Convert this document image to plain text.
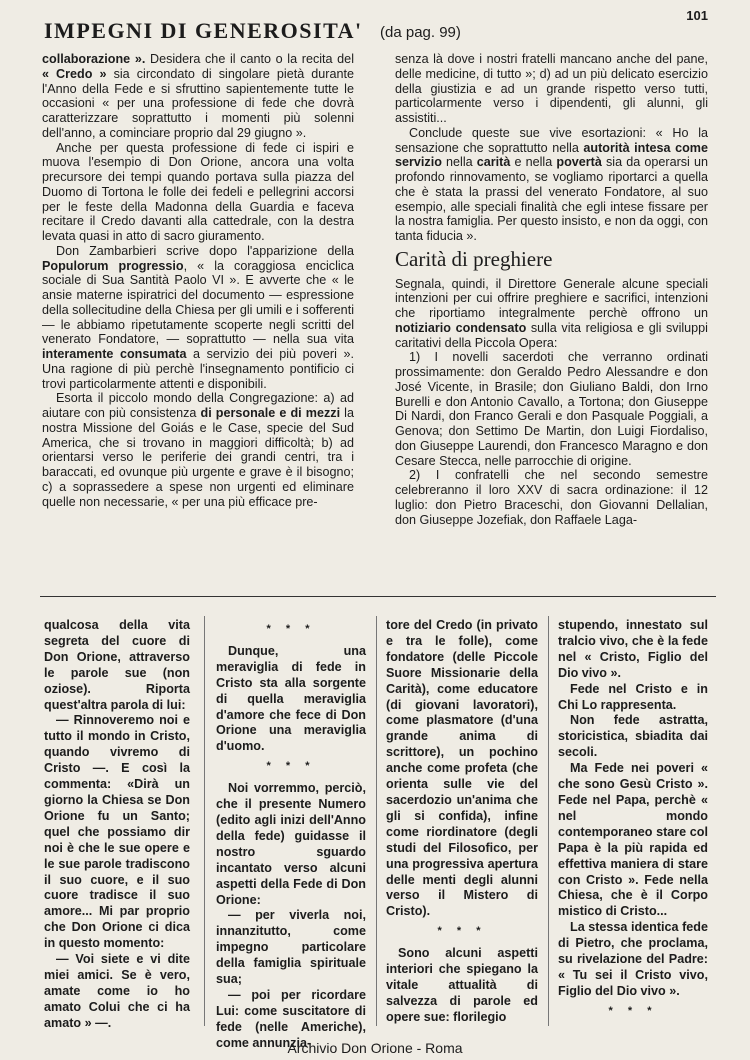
IMPEGNI DI GENEROSITA' (da pag. 99)
101

collaborazione ». Desidera che il canto o la recita del « Credo » sia circondato di singolare pietà durante l'Anno della Fede e si sfruttino sapientemente tutte le occasioni « per una professione di fede che dovrà caratterizzare soprattutto i momenti più solenni dell'anno, a cominciare proprio dal 29 giugno ».

Anche per questa professione di fede ci ispiri e muova l'esempio di Don Orione, ancora una volta precursore dei tempi quando portava sulla piazza del Duomo di Tortona le folle dei fedeli e pellegrini accorsi per le feste della Madonna della Guardia e faceva recitare il Credo davanti alla cattedrale, con la destra levata quasi in atto di sacro giuramento.

Don Zambarbieri scrive dopo l'apparizione della Populorum progressio, « la coraggiosa enciclica sociale di Sua Santità Paolo VI ». E avverte che « le ansie materne ispiratrici del documento — espressione della sollecitudine della Chiesa per gli umili e i sofferenti — le abbiamo ripetutamente scoperte negli scritti del venerato Fondatore, — soprattutto — nella sua vita interamente consumata a servizio dei più poveri ». Una ragione di più perchè l'insegnamento pontificio ci trovi particolarmente attenti e disponibili.

Esorta il piccolo mondo della Congregazione: a) ad aiutare con più consistenza di personale e di mezzi la nostra Missione del Goiás e le Case, specie del Sud America, che si trovano in maggiori difficoltà; b) ad orientarsi verso le periferie dei grandi centri, tra i baraccati, ed ovunque più urgente e grave è il bisogno; c) a soprassedere a spese non urgenti ed eliminare quelle non necessarie, « per una più efficace pre-

senza là dove i nostri fratelli mancano anche del pane, delle medicine, di tutto »; d) ad un più delicato esercizio della giustizia e ad un grande rispetto verso tutti, particolarmente verso i dipendenti, gli alunni, gli assistiti...

Conclude queste sue vive esortazioni: « Ho la sensazione che soprattutto nella autorità intesa come servizio nella carità e nella povertà sia da operarsi un profondo rinnovamento, se vogliamo riportarci a quella che è stata la prassi del venerato Fondatore, al suo esempio, alle speciali finalità che egli intese fissare per la nostra famiglia. Per questo insisto, e non da oggi, con tanta fiducia ».

Carità di preghiere

Segnala, quindi, il Direttore Generale alcune speciali intenzioni per cui offrire preghiere e sacrifici, intenzioni che riportiamo integralmente perchè offrono un notiziario condensato sulla vita religiosa e gli sviluppi caritativi della Piccola Opera:

1) I novelli sacerdoti che verranno ordinati prossimamente: don Geraldo Pedro Alessandre e don José Vicente, in Brasile; don Giuliano Baldi, don Irno Burelli e don Antonio Cavallo, a Tortona; don Giuseppe Di Nardi, don Franco Gerali e don Pasquale Poggiali, a Genova; don Settimo De Martin, don Luigi Fiordaliso, don Giuseppe Laurendi, don Francesco Maragno e don Cesare Stecca, nelle parrocchie di origine.

2) I confratelli che nel secondo semestre celebreranno il loro XXV di sacra ordinazione: il 12 luglio: don Pietro Braceschi, don Giovanni Dellalian, don Giuseppe Jozefiak, don Raffaele Laga-

qualcosa della vita segreta del cuore di Don Orione, attraverso le parole sue (non oziose). Riporta quest'altra parola di lui:

— Rinnoveremo noi e tutto il mondo in Cristo, quando vivremo di Cristo —. E così la commenta: «Dirà un giorno la Chiesa se Don Orione fu un Santo; quel che possiamo dir noi è che le sue opere e le sue parole tradiscono il suo cuore, e il suo cuore tradisce il suo amore... Mi par proprio che Don Orione ci dica in questo momento:

— Voi siete e vi dite miei amici. Se è vero, amate come io ho amato Colui che ci ha amato » —.

* * *

Dunque, una meraviglia di fede in Cristo sta alla sorgente di quella meraviglia d'amore che fece di Don Orione una meraviglia d'uomo.

* * *

Noi vorremmo, perciò, che il presente Numero (edito agli inizi dell'Anno della fede) guidasse il nostro sguardo incantato verso alcuni aspetti della Fede di Don Orione:

— per viverla noi, innanzitutto, come impegno particolare della famiglia spirituale sua;

— poi per ricordare Lui: come suscitatore di fede (nelle Americhe), come annunzia-

tore del Credo (in privato e tra le folle), come fondatore (delle Piccole Suore Missionarie della Carità), come educatore (di giovani lavoratori), come plasmatore (d'una grande anima di scrittore), un pochino anche come profeta (che orienta sulle vie del sacerdozio un'anima che gli si confida), infine come riordinatore (degli studi del Filosofico, per una progressiva apertura delle menti degli alunni verso il Mistero di Cristo).

* * *

Sono alcuni aspetti interiori che spiegano la vitale attualità di salvezza di parole ed opere sue: florilegio

stupendo, innestato sul tralcio vivo, che è la fede nel « Cristo, Figlio del Dio vivo ».

Fede nel Cristo e in Chi Lo rappresenta.

Non fede astratta, storicistica, sbiadita dai secoli.

Ma Fede nei poveri « che sono Gesù Cristo ». Fede nel Papa, perchè « nel mondo contemporaneo stare col Papa è la più rapida ed effettiva maniera di stare con Cristo ». Fede nella Chiesa, che è il Corpo mistico di Cristo...

La stessa identica fede di Pietro, che proclama, su rivelazione del Padre: « Tu sei il Cristo vivo, Figlio del Dio vivo ».

* * *
Archivio Don Orione - Roma
